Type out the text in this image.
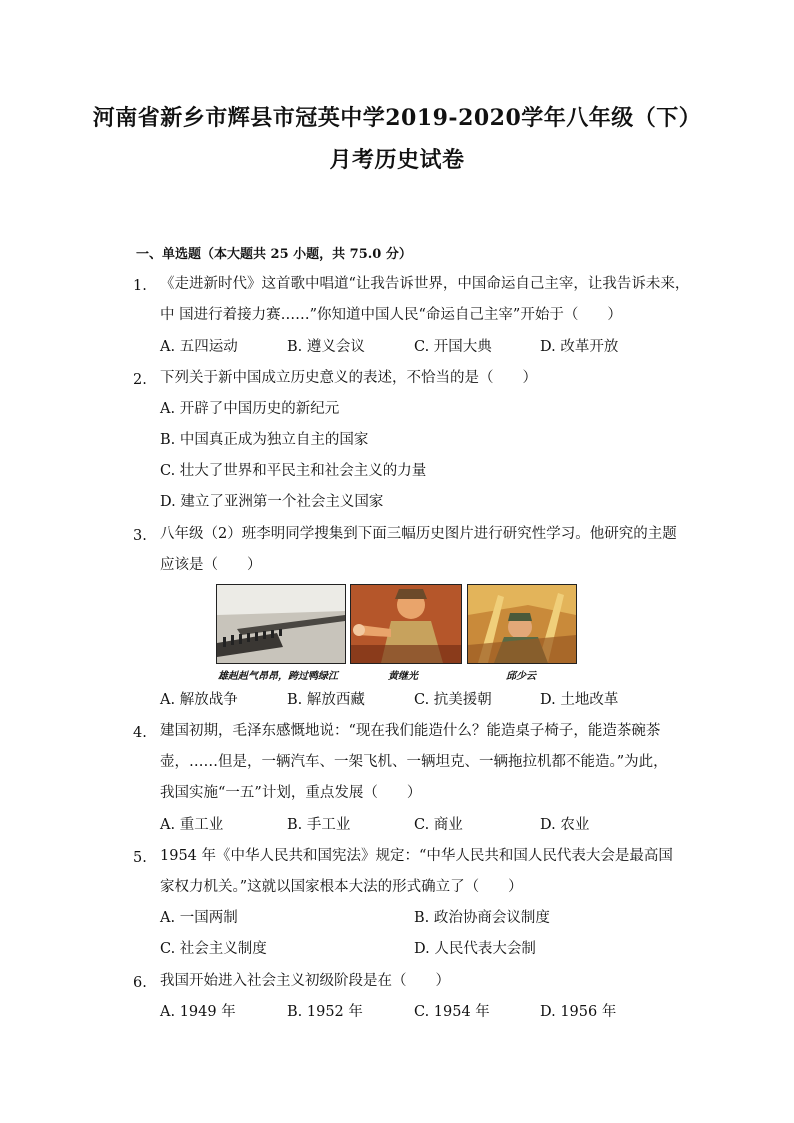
河南省新乡市辉县市冠英中学2019-2020学年八年级（下）
月考历史试卷
一、单选题（本大题共 25 小题，共 75.0 分）
1. 《走进新时代》这首歌中唱道“让我告诉世界，中国命运自己主宰，让我告诉未来，
中 国进行着接力赛……”你知道中国人民“命运自己主宰”开始于（　　）
A. 五四运动	B. 遵义会议	C. 开国大典	D. 改革开放
2. 下列关于新中国成立历史意义的表述，不恰当的是（　　）
A. 开辟了中国历史的新纪元
B. 中国真正成为独立自主的国家
C. 壮大了世界和平民主和社会主义的力量
D. 建立了亚洲第一个社会主义国家
3. 八年级（2）班李明同学搜集到下面三幅历史图片进行研究性学习。他研究的主题
应该是（　　）
雄赳赳气昂昂，跨过鸭绿江	黄继光	邱少云
A. 解放战争	B. 解放西藏	C. 抗美援朝	D. 土地改革
4. 建国初期，毛泽东感慨地说：“现在我们能造什么？能造桌子椅子，能造茶碗茶
壶，……但是，一辆汽车、一架飞机、一辆坦克、一辆拖拉机都不能造。”为此，
我国实施“一五”计划，重点发展（　　）
A. 重工业	B. 手工业	C. 商业	D. 农业
5. 1954 年《中华人民共和国宪法》规定：“中华人民共和国人民代表大会是最高国
家权力机关。”这就以国家根本大法的形式确立了（　　）
A. 一国两制	B. 政治协商会议制度
C. 社会主义制度	D. 人民代表大会制
6. 我国开始进入社会主义初级阶段是在（　　）
A. 1949 年	B. 1952 年	C. 1954 年	D. 1956 年
